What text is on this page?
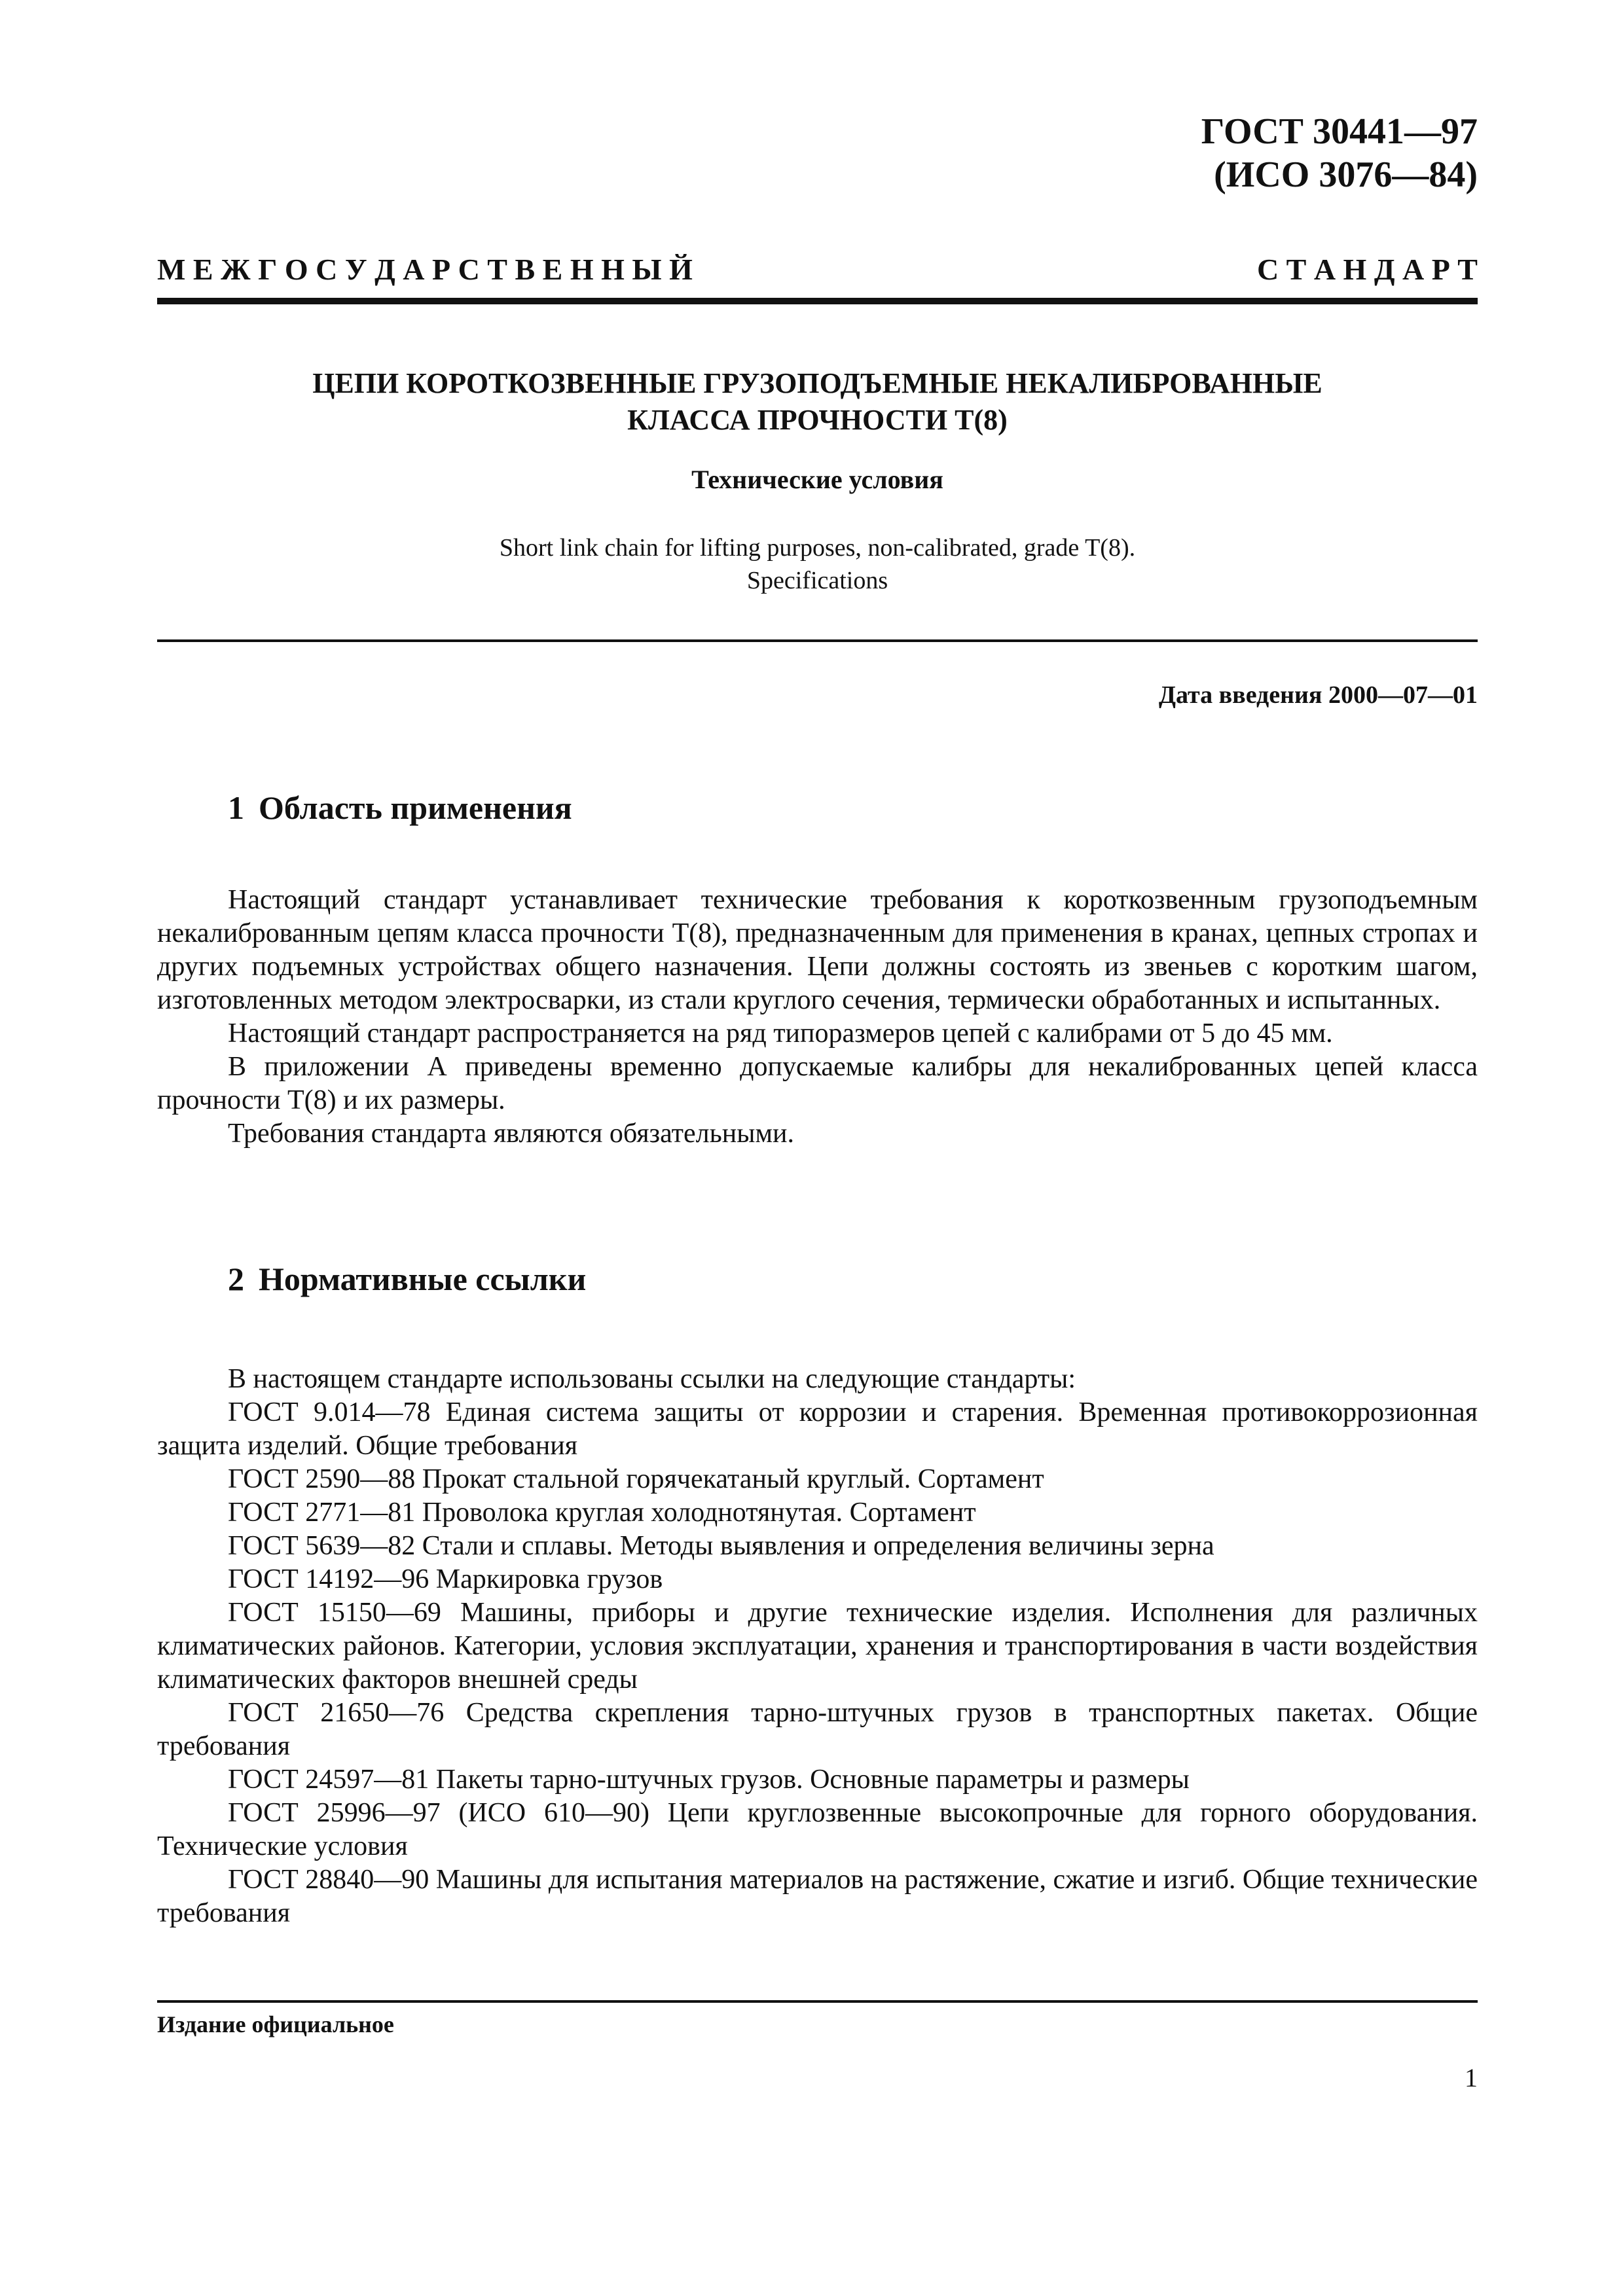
ГОСТ 30441—97
(ИСО 3076—84)
М Е Ж Г О С У Д А Р С Т В Е Н Н Ы Й	С Т А Н Д А Р Т
ЦЕПИ КОРОТКОЗВЕННЫЕ ГРУЗОПОДЪЕМНЫЕ НЕКАЛИБРОВАННЫЕ
КЛАССА ПРОЧНОСТИ Т(8)
Технические условия
Short link chain for lifting purposes, non-calibrated, grade T(8).
Specifications
Дата введения 2000—07—01
1 Область применения

Настоящий стандарт устанавливает технические требования к короткозвенным грузоподъемным некалиброванным цепям класса прочности Т(8), предназначенным для применения в кранах, цепных стропах и других подъемных устройствах общего назначения. Цепи должны состоять из звеньев с коротким шагом, изготовленных методом электросварки, из стали круглого сечения, термически обработанных и испытанных.

Настоящий стандарт распространяется на ряд типоразмеров цепей с калибрами от 5 до 45 мм.

В приложении А приведены временно допускаемые калибры для некалиброванных цепей класса прочности Т(8) и их размеры.

Требования стандарта являются обязательными.

2 Нормативные ссылки

В настоящем стандарте использованы ссылки на следующие стандарты:

ГОСТ 9.014—78 Единая система защиты от коррозии и старения. Временная противокоррозионная защита изделий. Общие требования

ГОСТ 2590—88 Прокат стальной горячекатаный круглый. Сортамент

ГОСТ 2771—81 Проволока круглая холоднотянутая. Сортамент

ГОСТ 5639—82 Стали и сплавы. Методы выявления и определения величины зерна

ГОСТ 14192—96 Маркировка грузов

ГОСТ 15150—69 Машины, приборы и другие технические изделия. Исполнения для различных климатических районов. Категории, условия эксплуатации, хранения и транспортирования в части воздействия климатических факторов внешней среды

ГОСТ 21650—76 Средства скрепления тарно-штучных грузов в транспортных пакетах. Общие требования

ГОСТ 24597—81 Пакеты тарно-штучных грузов. Основные параметры и размеры

ГОСТ 25996—97 (ИСО 610—90) Цепи круглозвенные высокопрочные для горного оборудования. Технические условия

ГОСТ 28840—90 Машины для испытания материалов на растяжение, сжатие и изгиб. Общие технические требования

Издание официальное
1
